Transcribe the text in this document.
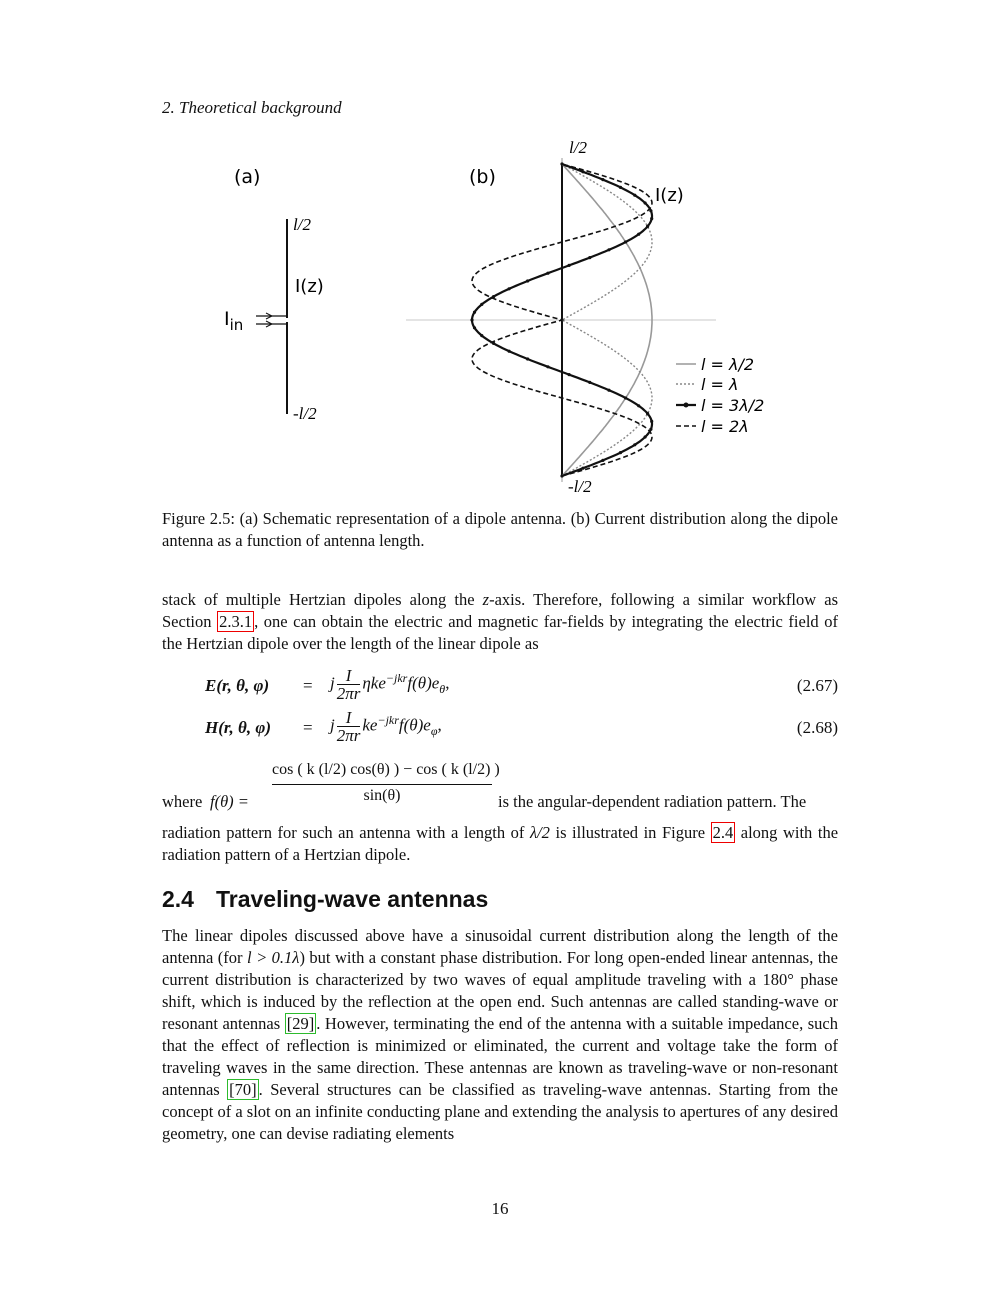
2. Theoretical background
(a)
l/2
I(z)
$I_{in}$
-l/2
(b)
l/2
I(z)
-l/2
l = λ/2
l = λ
l = 3λ/2
l = 2λ
Figure 2.5: (a) Schematic representation of a dipole antenna. (b) Current distribution along the dipole antenna as a function of antenna length.

stack of multiple Hertzian dipoles along the z-axis. Therefore, following a similar workflow as Section 2.3.1 , one can obtain the electric and magnetic far-fields by integrating the electric field of the Hertzian dipole over the length of the linear dipole as

E(r, θ, φ) = j $\frac{I}{2\pi r} \eta ke^{-jkr}f(\theta)e_\theta$,	(2.67)
H(r, θ, φ) = j $\frac{I}{2\pi r} ke^{-jkr}f(\theta)e_\varphi$,	(2.68)
where $f(\theta) = \frac{\cos ( k (l/2) \cos(\theta) ) - \cos ( k (l/2) )}{\sin(\theta)}$ is the angular-dependent radiation pattern. The

radiation pattern for such an antenna with a length of λ/2 is illustrated in Figure 2.4 along with the radiation pattern of a Hertzian dipole.

2.4 Traveling-wave antennas

The linear dipoles discussed above have a sinusoidal current distribution along the length of the antenna (for l > 0.1λ) but with a constant phase distribution. For long open-ended linear antennas, the current distribution is characterized by two waves of equal amplitude traveling with a 180° phase shift, which is induced by the reflection at the open end. Such antennas are called standing-wave or resonant antennas [29] . However, terminating the end of the antenna with a suitable impedance, such that the effect of reflection is minimized or eliminated, the current and voltage take the form of traveling waves in the same direction. These antennas are known as traveling-wave or non-resonant antennas [70] . Several structures can be classified as traveling-wave antennas. Starting from the concept of a slot on an infinite conducting plane and extending the analysis to apertures of any desired geometry, one can devise radiating elements

16
